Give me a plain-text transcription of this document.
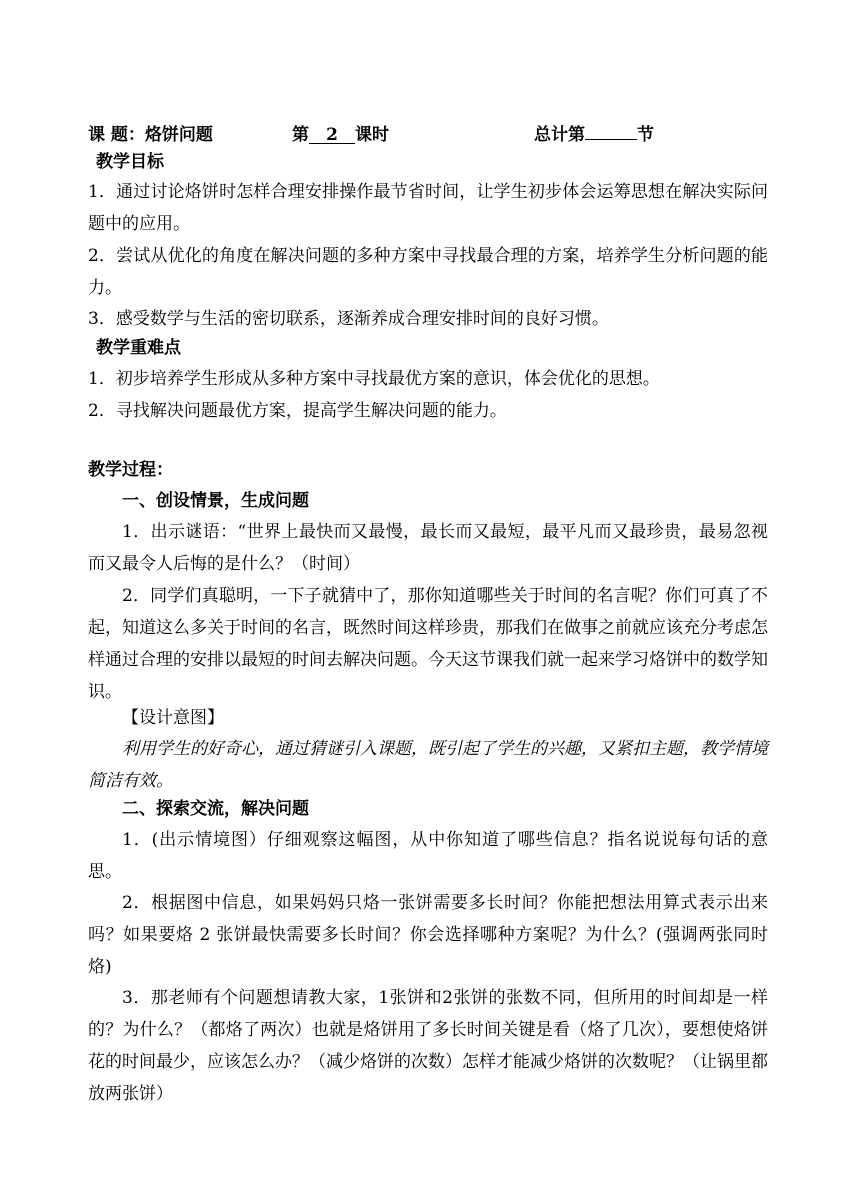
课 题：烙饼问题	第 2 课时	总计第	节
教学目标
1．通过讨论烙饼时怎样合理安排操作最节省时间，让学生初步体会运筹思想在解决实际问题中的应用。
2．尝试从优化的角度在解决问题的多种方案中寻找最合理的方案，培养学生分析问题的能力。
3．感受数学与生活的密切联系，逐渐养成合理安排时间的良好习惯。
教学重难点
1．初步培养学生形成从多种方案中寻找最优方案的意识，体会优化的思想。
2．寻找解决问题最优方案，提高学生解决问题的能力。
教学过程：
一、创设情景，生成问题
1．出示谜语：“世界上最快而又最慢，最长而又最短，最平凡而又最珍贵，最易忽视而又最令人后悔的是什么？（时间）
2．同学们真聪明，一下子就猜中了，那你知道哪些关于时间的名言呢？你们可真了不起，知道这么多关于时间的名言，既然时间这样珍贵，那我们在做事之前就应该充分考虑怎样通过合理的安排以最短的时间去解决问题。今天这节课我们就一起来学习烙饼中的数学知识。
【设计意图】
利用学生的好奇心，通过猜谜引入课题，既引起了学生的兴趣，又紧扣主题，教学情境简洁有效。
二、探索交流，解决问题
1．(出示情境图）仔细观察这幅图，从中你知道了哪些信息？指名说说每句话的意思。
2．根据图中信息，如果妈妈只烙一张饼需要多长时间？你能把想法用算式表示出来吗？如果要烙 2 张饼最快需要多长时间？你会选择哪种方案呢？为什么？(强调两张同时烙)
3．那老师有个问题想请教大家，1张饼和2张饼的张数不同，但所用的时间却是一样的？为什么？（都烙了两次）也就是烙饼用了多长时间关键是看（烙了几次），要想使烙饼花的时间最少，应该怎么办？（减少烙饼的次数）怎样才能减少烙饼的次数呢？（让锅里都放两张饼）
